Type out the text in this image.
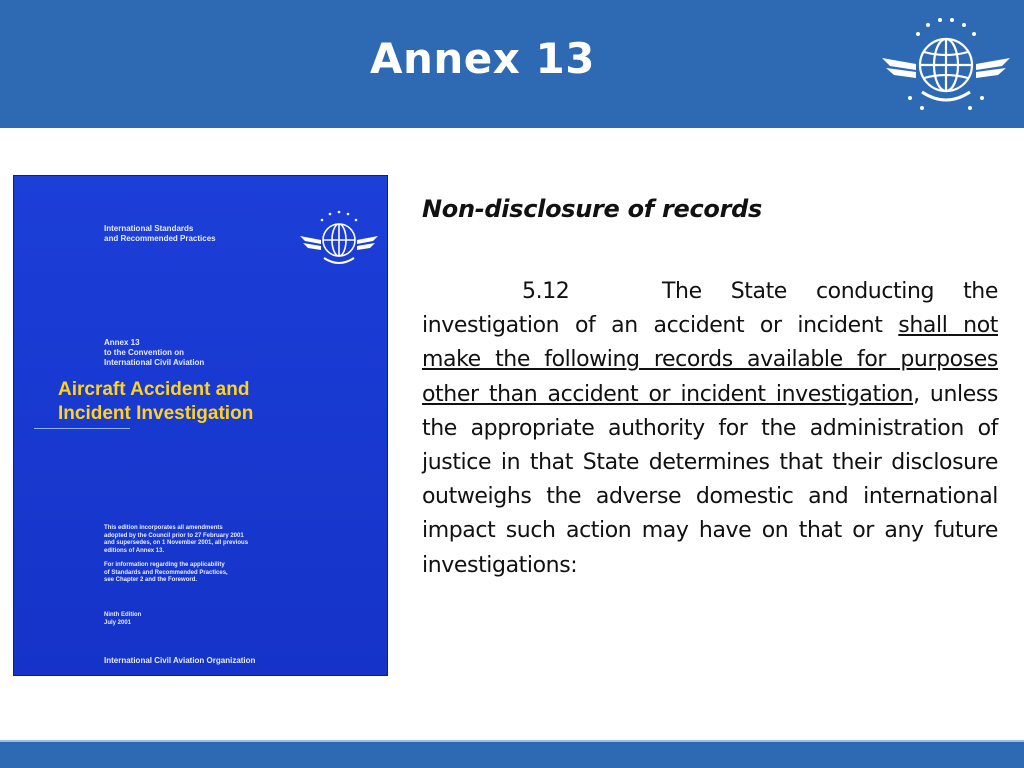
Annex 13
International Standards
and Recommended Practices
Annex 13
to the Convention on
International Civil Aviation
Aircraft Accident and
Incident Investigation
This edition incorporates all amendments
adopted by the Council prior to 27 February 2001
and supersedes, on 1 November 2001, all previous
editions of Annex 13.
For information regarding the applicability
of Standards and Recommended Practices,
see Chapter 2 and the Foreword.
Ninth Edition
July 2001
International Civil Aviation Organization
Non-disclosure of records
5.12	The State conducting the investigation of an accident or incident shall not make the following records available for purposes other than accident or incident investigation, unless the appropriate authority for the administration of justice in that State determines that their disclosure outweighs the adverse domestic and international impact such action may have on that or any future investigations:
